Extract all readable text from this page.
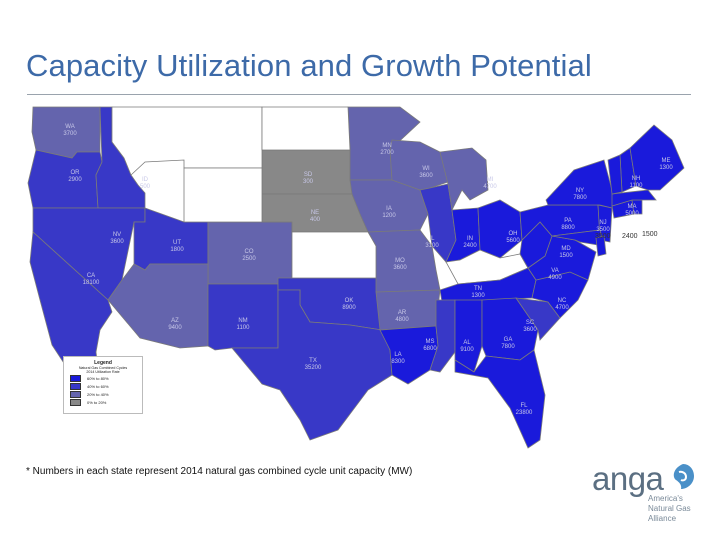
Capacity Utilization and Growth Potential
WA
3700
OR
2900	ID
500
NV
3600
CA
18100
UT
1800	CO
2500
AZ
9400
NM
1100
SD
300
NE
400
OK
8900
TX
35200
MN
2700
IA
1200
MO
3600
AR
4800
LA
8300
WI
3600
IL
3100
MI
4700
IN
2400
OH
5600
TN
1300
MS
6800
AL
9100
GA
7800
FL
23800
SC
3600
NC
4700
VA
4900
PA
8800
NY
7800
NJ
3500
MD
1500
MA
5000
NH
1100
ME
1300
2400 1500
3500
Legend
Natural Gas Combined Cycles
2014 Utilization Rate
60% to 80%
40% to 60%
20% to 40%
0% to 20%
* Numbers in each state represent 2014 natural gas combined cycle unit capacity (MW)	anga
America's
Natural Gas
Alliance
